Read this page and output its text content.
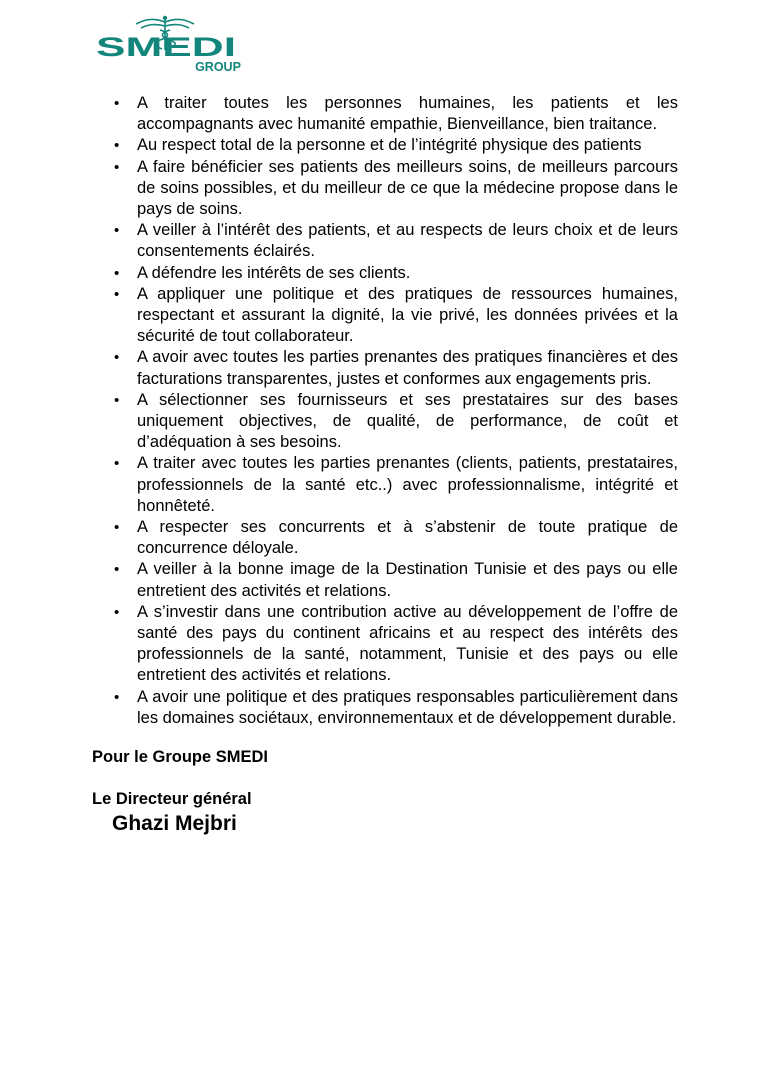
SMEDI
GROUP
• A traiter toutes les personnes humaines, les patients et les accompagnants avec humanité empathie, Bienveillance, bien traitance.
• Au respect total de la personne et de l’intégrité physique des patients
• A faire bénéficier ses patients des meilleurs soins, de meilleurs parcours de soins possibles, et du meilleur de ce que la médecine propose dans le pays de soins.
• A veiller à l’intérêt des patients, et au respects de leurs choix et de leurs consentements éclairés.
• A défendre les intérêts de ses clients.
• A appliquer une politique et des pratiques de ressources humaines, respectant et assurant la dignité, la vie privé, les données privées et la sécurité de tout collaborateur.
• A avoir avec toutes les parties prenantes des pratiques financières et des facturations transparentes, justes et conformes aux engagements pris.
• A sélectionner ses fournisseurs et ses prestataires sur des bases uniquement objectives, de qualité, de performance, de coût et d’adéquation à ses besoins.
• A traiter avec toutes les parties prenantes (clients, patients, prestataires, professionnels de la santé etc..) avec professionnalisme, intégrité et honnêteté.
• A respecter ses concurrents et à s’abstenir de toute pratique de concurrence déloyale.
• A veiller à la bonne image de la Destination Tunisie et des pays ou elle entretient des activités et relations.
• A s’investir dans une contribution active au développement de l’offre de santé des pays du continent africains et au respect des intérêts des professionnels de la santé, notamment, Tunisie et des pays ou elle entretient des activités et relations.
• A avoir une politique et des pratiques responsables particulièrement dans les domaines sociétaux, environnementaux et de développement durable.
Pour le Groupe SMEDI
Le Directeur général
Ghazi Mejbri
